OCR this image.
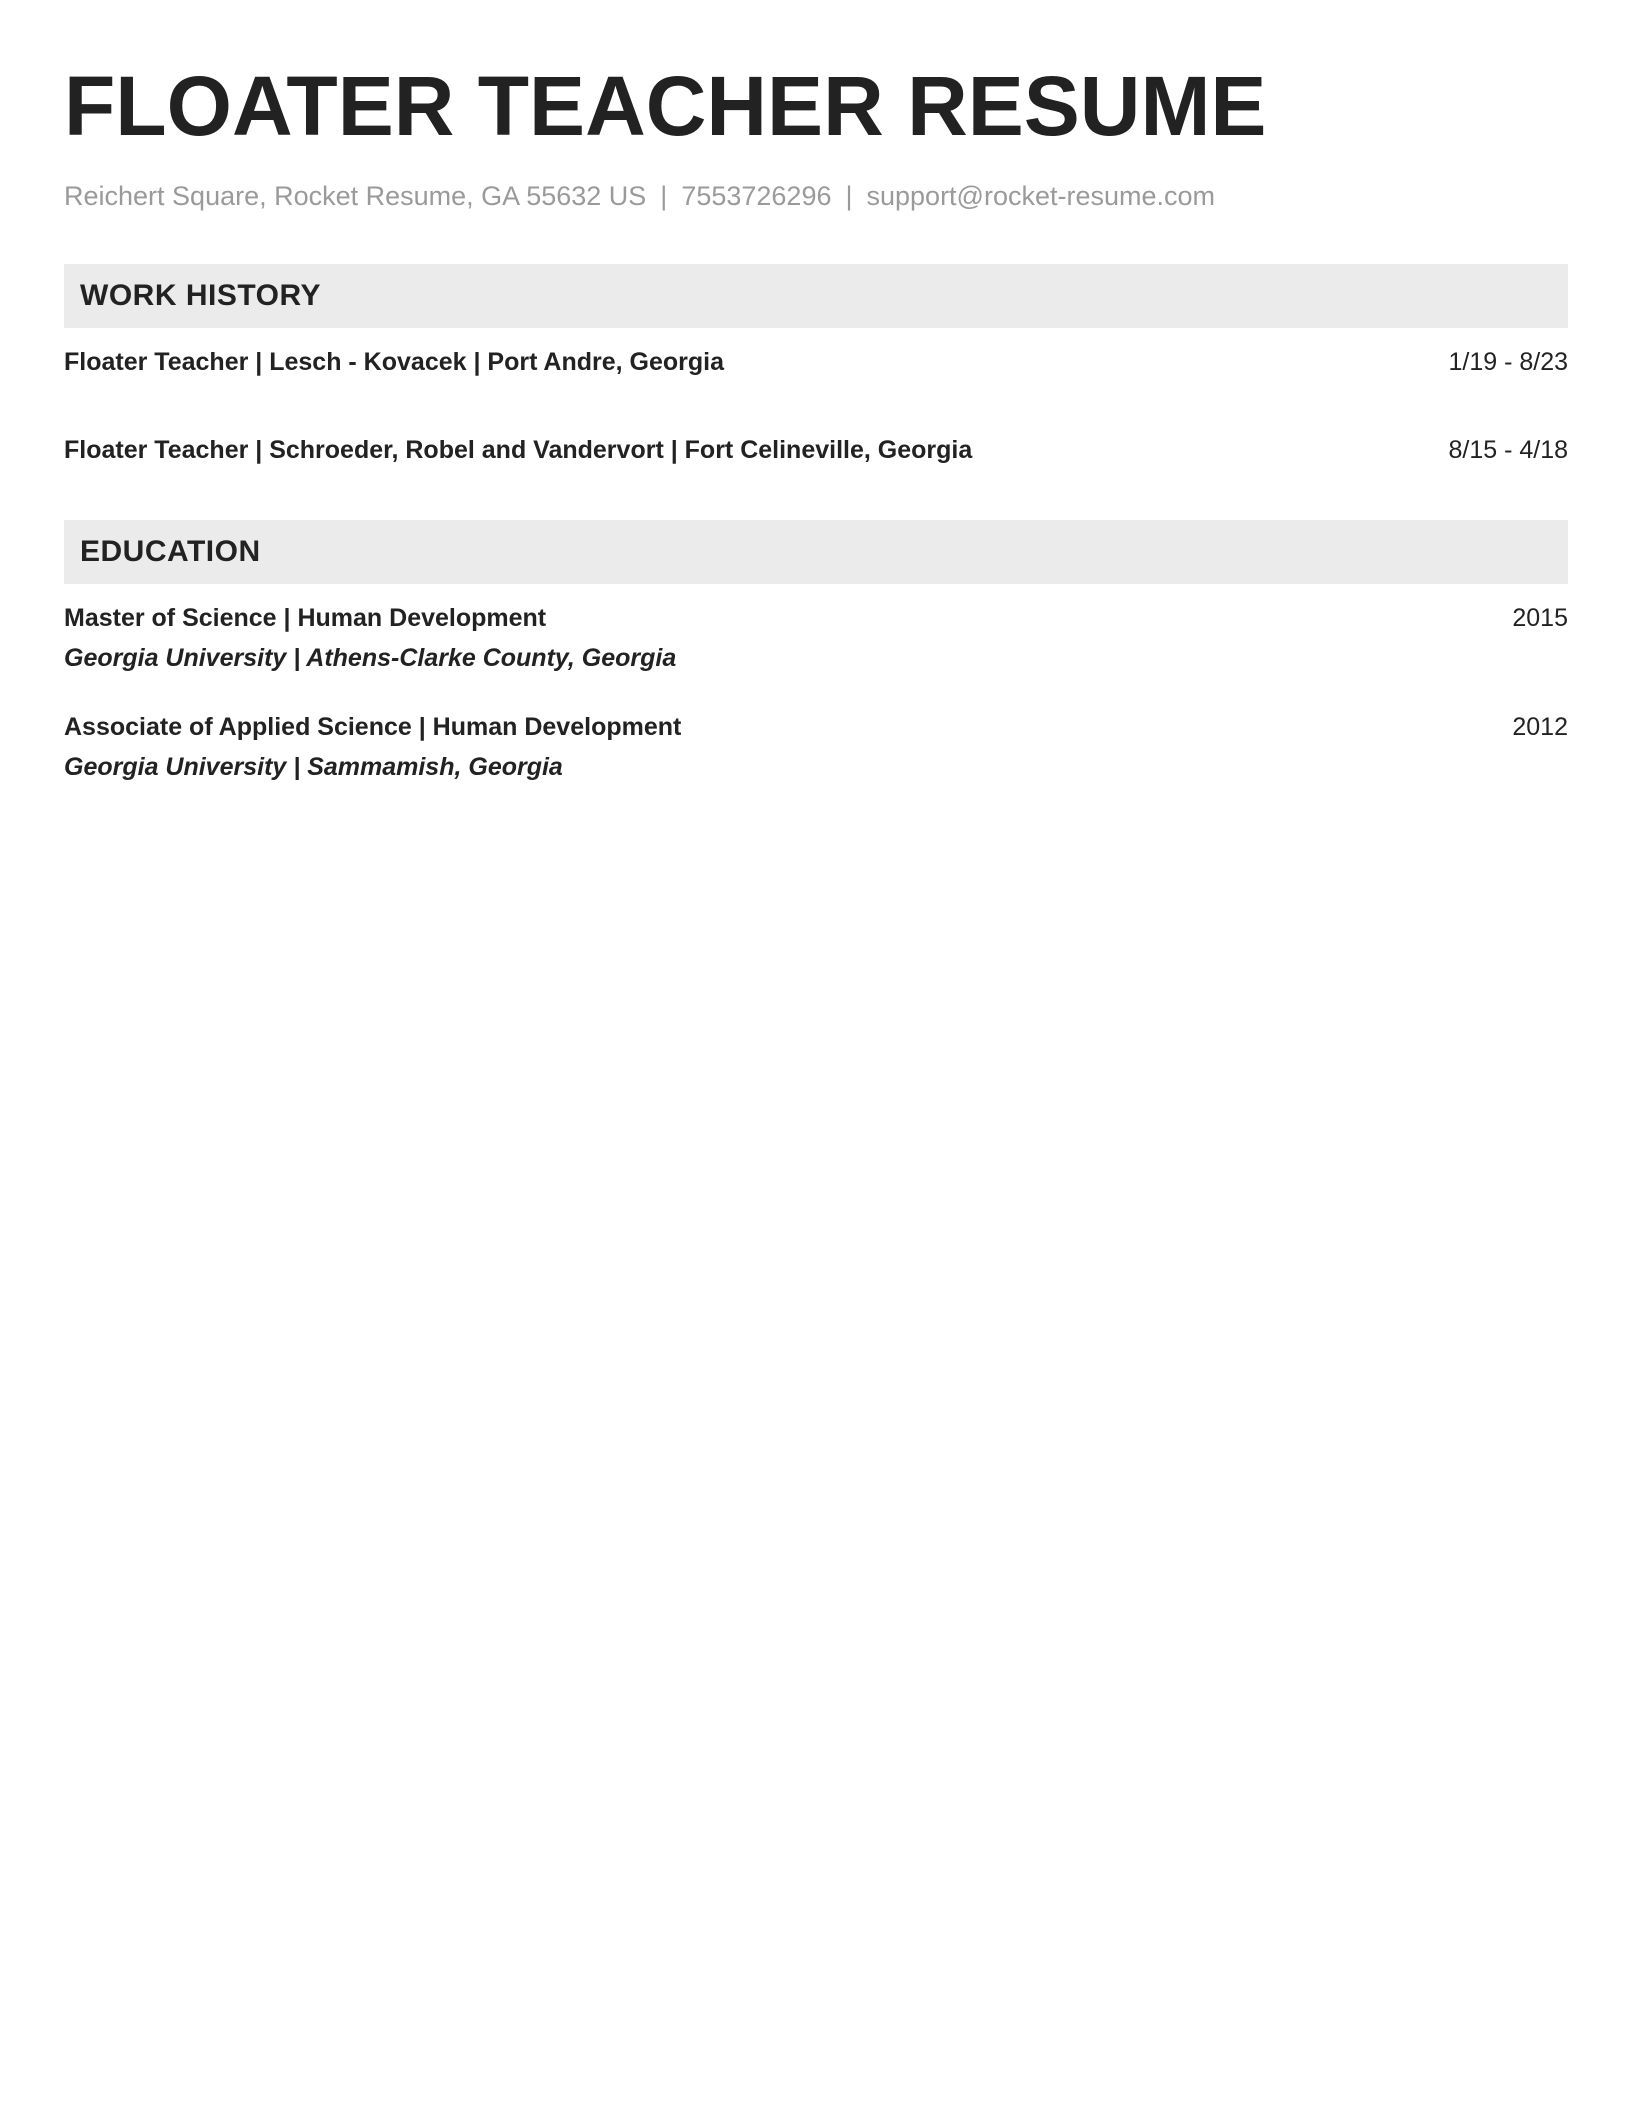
FLOATER TEACHER RESUME
Reichert Square, Rocket Resume, GA 55632 US | 7553726296 | support@rocket-resume.com
WORK HISTORY
Floater Teacher | Lesch - Kovacek | Port Andre, Georgia	1/19 - 8/23
Floater Teacher | Schroeder, Robel and Vandervort | Fort Celineville, Georgia	8/15 - 4/18
EDUCATION
Master of Science | Human Development
Georgia University | Athens-Clarke County, Georgia
2015
Associate of Applied Science | Human Development
Georgia University | Sammamish, Georgia
2012
